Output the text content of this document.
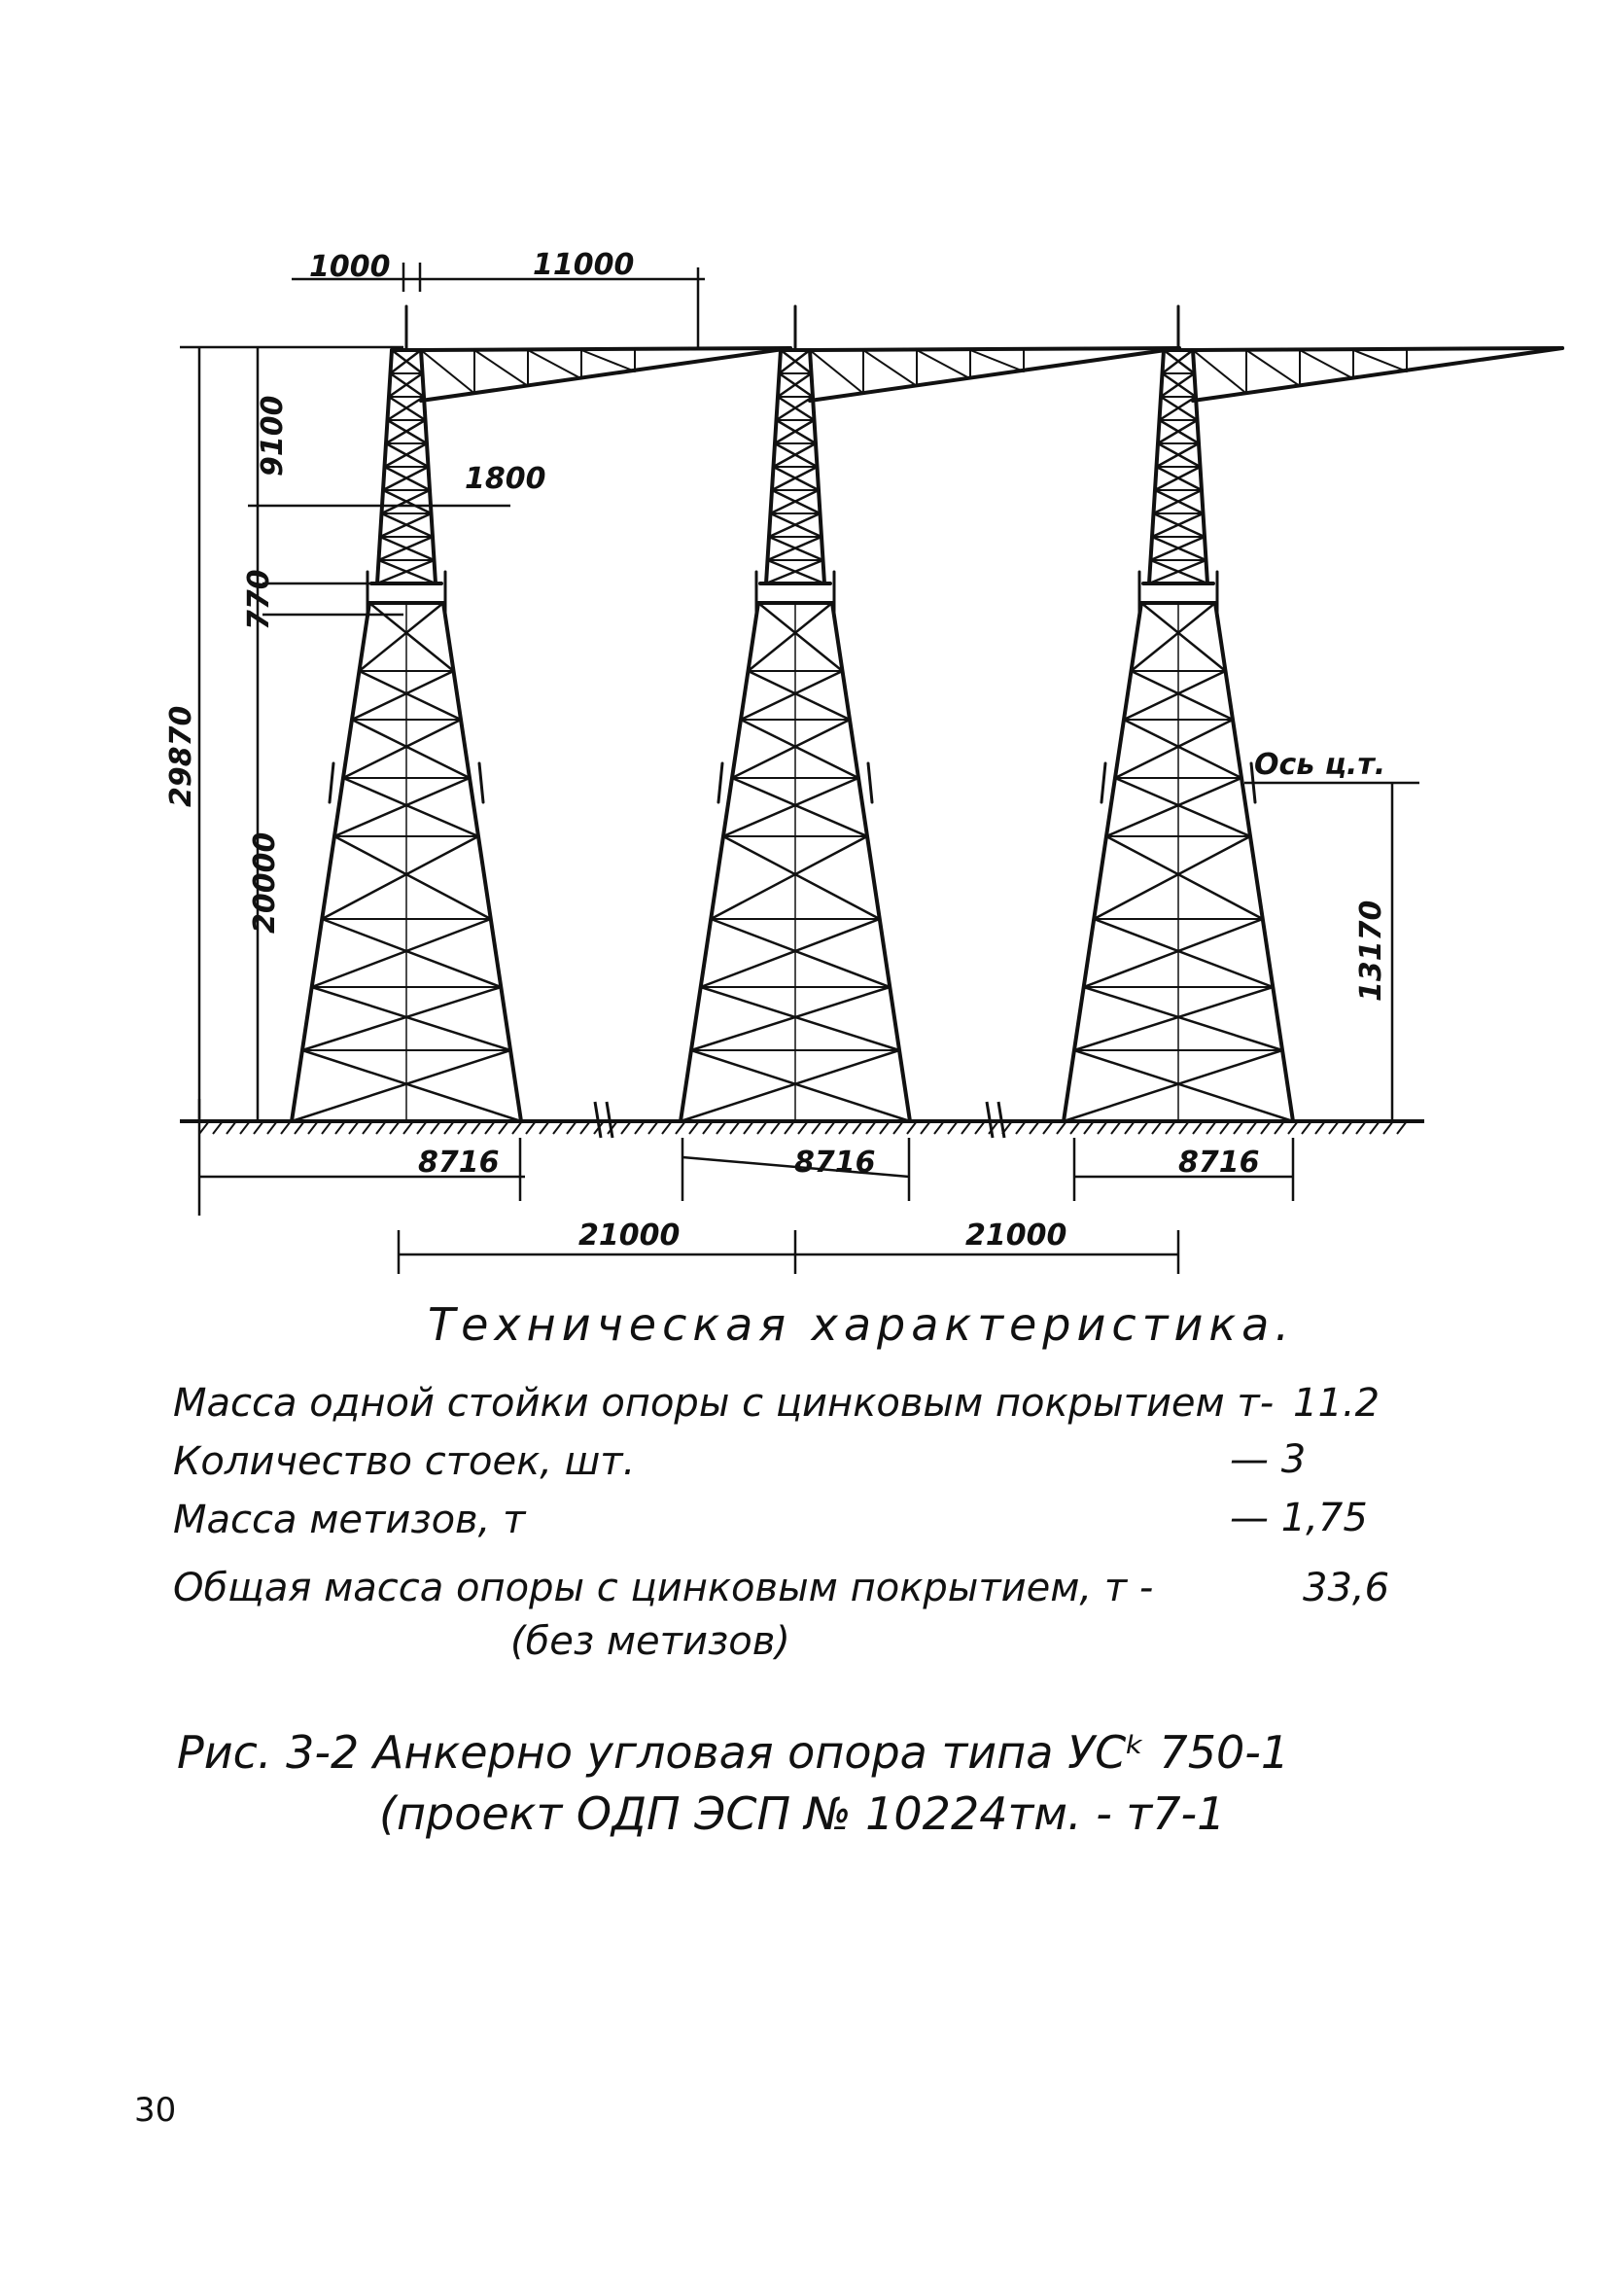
1000	11000
1800
9100
770
29870
20000
13170
8716	8716	8716
21000	21000
Ось ц.т.
Техническая характеристика.
Масса одной стойки опоры с цинковым покрытием т- 11.2
Количество стоек, шт.	— 3
Масса метизов, т	— 1,75
Общая масса опоры с цинковым покрытием, т -	33,6
(без метизов)
Рис. 3-2 Анкерно угловая опора типа УСᵏ 750-1
(проект ОДП ЭСП № 10224тм. - т7-1
30
